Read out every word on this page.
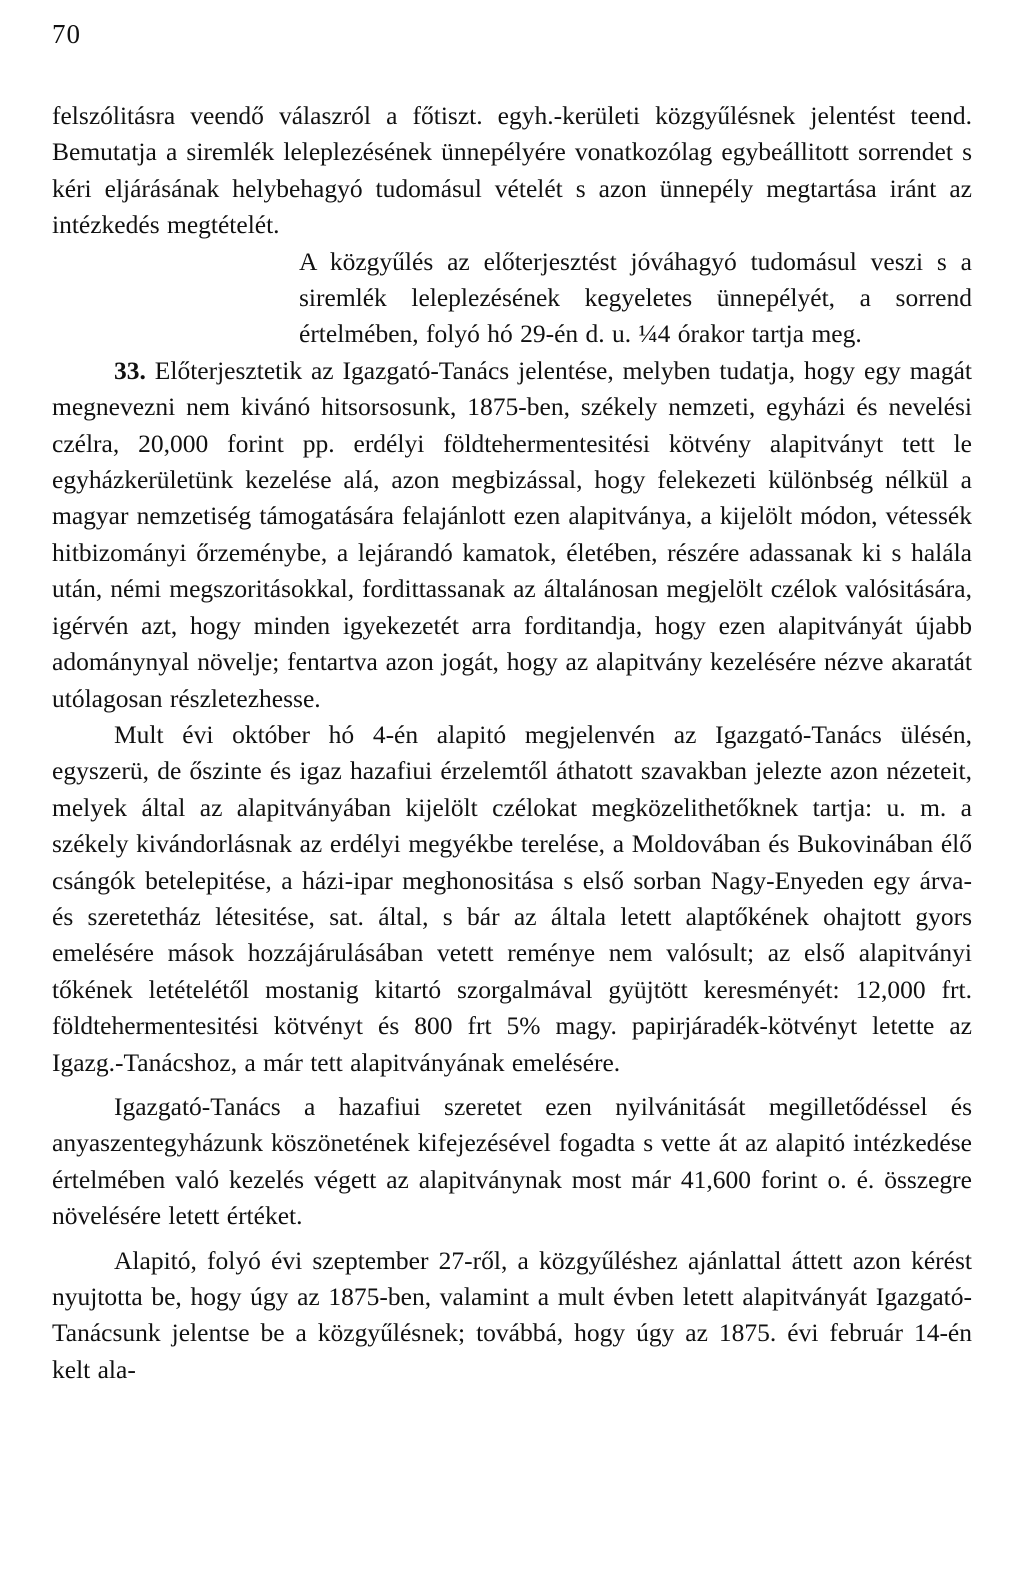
70

felszólitásra veendő válaszról a főtiszt. egyh.-kerületi közgyűlésnek jelentést teend. Bemutatja a siremlék leleplezésének ünnepélyére vonatkozólag egybeállitott sorrendet s kéri eljárásának helybehagyó tudomásul vételét s azon ünnepély megtartása iránt az intézkedés megtételét.

A közgyűlés az előterjesztést jóváhagyó tudomásul veszi s a siremlék leleplezésének kegyeletes ünnepélyét, a sorrend értelmében, folyó hó 29-én d. u. ¼4 órakor tartja meg.

33. Előterjesztetik az Igazgató-Tanács jelentése, melyben tudatja, hogy egy magát megnevezni nem kivánó hitsorsosunk, 1875-ben, székely nemzeti, egyházi és nevelési czélra, 20,000 forint pp. erdélyi földtehermentesitési kötvény alapitványt tett le egyházkerületünk kezelése alá, azon megbizással, hogy felekezeti különbség nélkül a magyar nemzetiség támogatására felajánlott ezen alapitványa, a kijelölt módon, vétessék hitbizományi őrzeménybe, a lejárandó kamatok, életében, részére adassanak ki s halála után, némi megszoritásokkal, fordittassanak az általánosan megjelölt czélok valósitására, igérvén azt, hogy minden igyekezetét arra forditandja, hogy ezen alapitványát újabb adománynyal növelje; fentartva azon jogát, hogy az alapitvány kezelésére nézve akaratát utólagosan részletezhesse.

Mult évi október hó 4-én alapitó megjelenvén az Igazgató-Tanács ülésén, egyszerü, de őszinte és igaz hazafiui érzelemtől áthatott szavakban jelezte azon nézeteit, melyek által az alapitványában kijelölt czélokat megközelithetőknek tartja: u. m. a székely kivándorlásnak az erdélyi megyékbe terelése, a Moldovában és Bukovinában élő csángók betelepitése, a házi-ipar meghonositása s első sorban Nagy-Enyeden egy árva- és szeretetház létesitése, sat. által, s bár az általa letett alaptőkének ohajtott gyors emelésére mások hozzájárulásában vetett reménye nem valósult; az első alapitványi tőkének letételétől mostanig kitartó szorgalmával gyüjtött keresményét: 12,000 frt. földtehermentesitési kötvényt és 800 frt 5% magy. papirjáradék-kötvényt letette az Igazg.-Tanácshoz, a már tett alapitványának emelésére.

Igazgató-Tanács a hazafiui szeretet ezen nyilvánitását megilletődéssel és anyaszentegyházunk köszönetének kifejezésével fogadta s vette át az alapitó intézkedése értelmében való kezelés végett az alapitványnak most már 41,600 forint o. é. összegre növelésére letett értéket.

Alapitó, folyó évi szeptember 27-ről, a közgyűléshez ajánlattal áttett azon kérést nyujtotta be, hogy úgy az 1875-ben, valamint a mult évben letett alapitványát Igazgató-Tanácsunk jelentse be a közgyűlésnek; továbbá, hogy úgy az 1875. évi február 14-én kelt ala-
